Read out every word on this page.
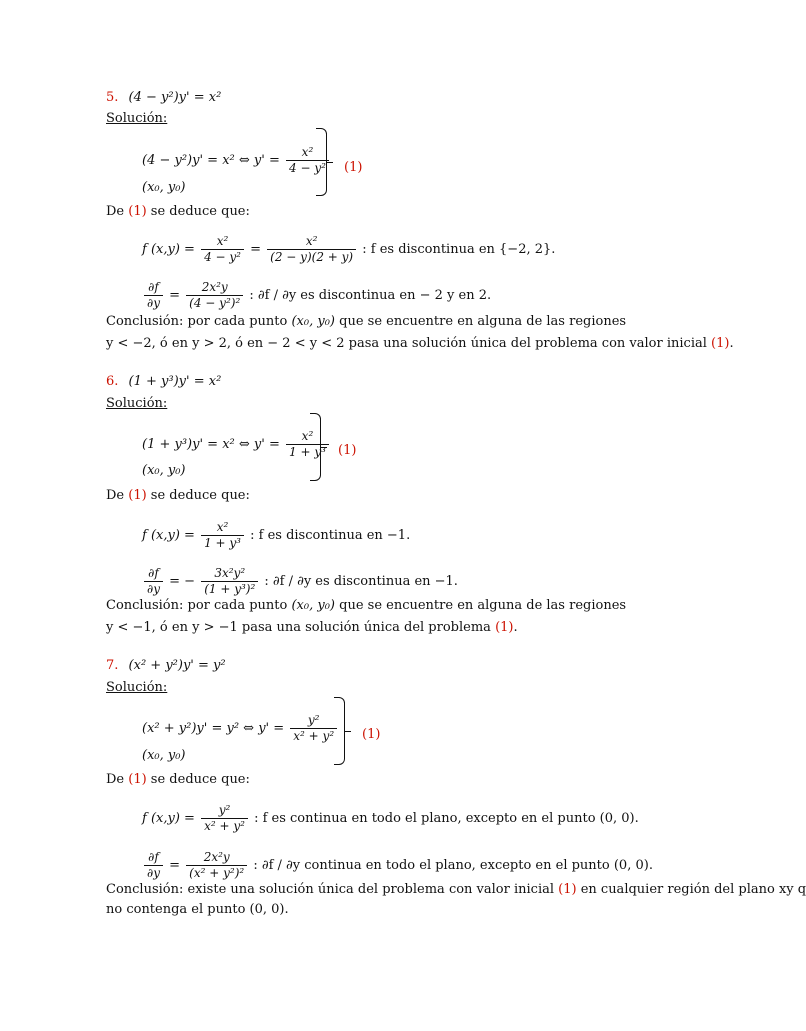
5. (4 − y²)y' = x²
Solución:
(4 − y²)y' = x² ⇔ $y' = \frac{\text{x²}}{\text{4 − y²}}$
(x₀, y₀)
(1)
De (1) se deduce que:
f $(x,y) = \frac{\text{x²}}{\text{4 − y²}} = \frac{\text{x²}}{(2 - y)(2 + y)}$ : f es discontinua en {−2, 2}.
$\frac{\partial f}{\partial y} = \frac{\text{2x²y}}{\text{(4 − y²)²}}$ : ∂f / ∂y es discontinua en − 2 y en 2.
Conclusión: por cada punto (x₀, y₀) que se encuentre en alguna de las regiones
y < −2, ó en y > 2, ó en − 2 < y < 2 pasa una solución única del problema con valor inicial (1).
6. (1 + y³)y' = x²
Solución:
(1 + y³)y' = x² ⇔ $y' = \frac{\text{x²}}{\text{1 + y³}}$
(x₀, y₀)
(1)
De (1) se deduce que:
f $(x,y) = \frac{\text{x²}}{\text{1 + y³}}$ : f es discontinua en −1.
$\frac{\partial f}{\partial y}$ = − $\frac{\text{3x²y²}}{\text{(1 + y³)²}}$ : ∂f / ∂y es discontinua en −1.
Conclusión: por cada punto (x₀, y₀) que se encuentre en alguna de las regiones
y < −1, ó en y > −1 pasa una solución única del problema (1).
7. (x² + y²)y' = y²
Solución:
(x² + y²)y' = y² ⇔ $y' = \frac{\text{y²}}{\text{x² + y²}}$
(x₀, y₀)
(1)
De (1) se deduce que:
f $(x,y) = \frac{\text{y²}}{\text{x² + y²}}$ : f es continua en todo el plano, excepto en el punto (0, 0).
$\frac{\partial f}{\partial y} = \frac{\text{2x²y}}{\text{(x² + y²)²}}$ : ∂f / ∂y continua en todo el plano, excepto en el punto (0, 0).
Conclusión: existe una solución única del problema con valor inicial (1) en cualquier región del plano xy q
no contenga el punto (0, 0).
